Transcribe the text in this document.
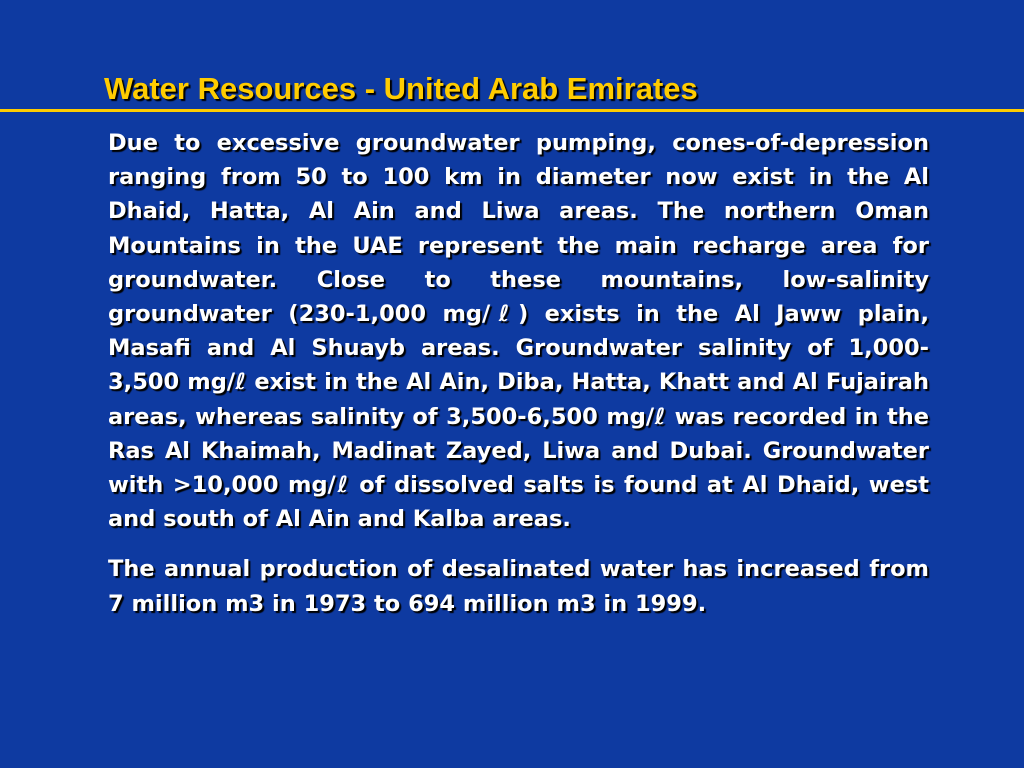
Water Resources - United Arab Emirates

Due to excessive groundwater pumping, cones-of-depression ranging from 50 to 100 km in diameter now exist in the Al Dhaid, Hatta, Al Ain and Liwa areas. The northern Oman Mountains in the UAE represent the main recharge area for groundwater. Close to these mountains, low-salinity groundwater (230-1,000 mg/ℓ) exists in the Al Jaww plain, Masafi and Al Shuayb areas. Groundwater salinity of 1,000-3,500 mg/ℓ exist in the Al Ain, Diba, Hatta, Khatt and Al Fujairah areas, whereas salinity of 3,500-6,500 mg/ℓ was recorded in the Ras Al Khaimah, Madinat Zayed, Liwa and Dubai. Groundwater with >10,000 mg/ℓ of dissolved salts is found at Al Dhaid, west and south of Al Ain and Kalba areas.

The annual production of desalinated water has increased from 7 million m3 in 1973 to 694 million m3 in 1999.
